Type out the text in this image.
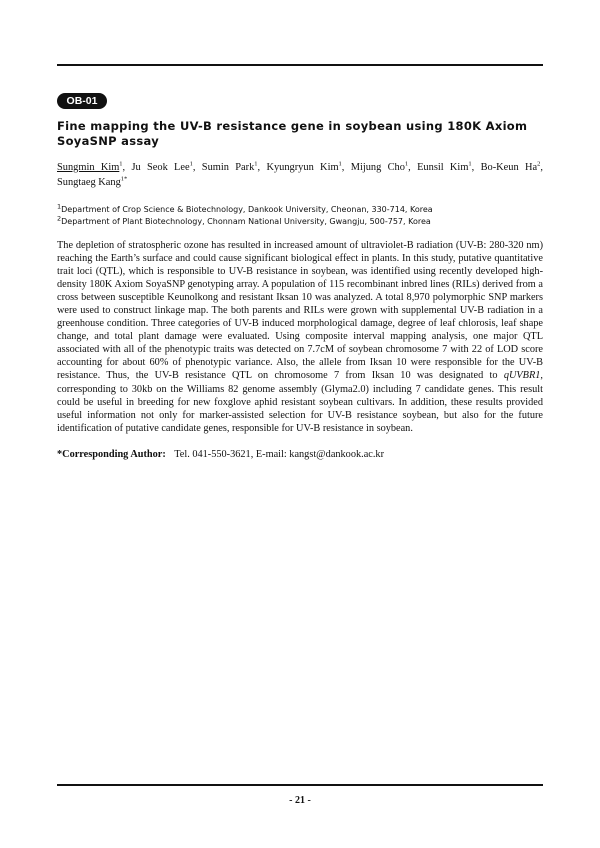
OB-01
Fine mapping the UV-B resistance gene in soybean using 180K Axiom SoyaSNP assay
Sungmin Kim$^1$, Ju Seok Lee$^1$, Sumin Park$^1$, Kyungryun Kim$^1$, Mijung Cho$^1$, Eunsil Kim$^1$, Bo-Keun Ha$^2$, Sungtaeg Kang$^{1*}$
$^1$Department of Crop Science & Biotechnology, Dankook University, Cheonan, 330-714, Korea
$^2$Department of Plant Biotechnology, Chonnam National University, Gwangju, 500-757, Korea

The depletion of stratospheric ozone has resulted in increased amount of ultraviolet-B radiation (UV-B: 280-320 nm) reaching the Earth’s surface and could cause significant biological effect in plants. In this study, putative quantitative trait loci (QTL), which is responsible to UV-B resistance in soybean, was identified using recently developed high-density 180K Axiom SoyaSNP genotyping array. A population of 115 recombinant inbred lines (RILs) derived from a cross between susceptible Keunolkong and resistant Iksan 10 was analyzed. A total 8,970 polymorphic SNP markers were used to construct linkage map. The both parents and RILs were grown with supplemental UV-B radiation in a greenhouse condition. Three categories of UV-B induced morphological damage, degree of leaf chlorosis, leaf shape change, and total plant damage were evaluated. Using composite interval mapping analysis, one major QTL associated with all of the phenotypic traits was detected on 7.7cM of soybean chromosome 7 with 22 of LOD score accounting for about 60% of phenotypic variance. Also, the allele from Iksan 10 were responsible for the UV-B resistance. Thus, the UV-B resistance QTL on chromosome 7 from Iksan 10 was designated to qUVBR1, corresponding to 30kb on the Williams 82 genome assembly (Glyma2.0) including 7 candidate genes. This result could be useful in breeding for new foxglove aphid resistant soybean cultivars. In addition, these results provided useful information not only for marker-assisted selection for UV-B resistance soybean, but also for the future identification of putative candidate genes, responsible for UV-B resistance in soybean.

*Corresponding Author: Tel. 041-550-3621, E-mail: kangst@dankook.ac.kr
- 21 -
